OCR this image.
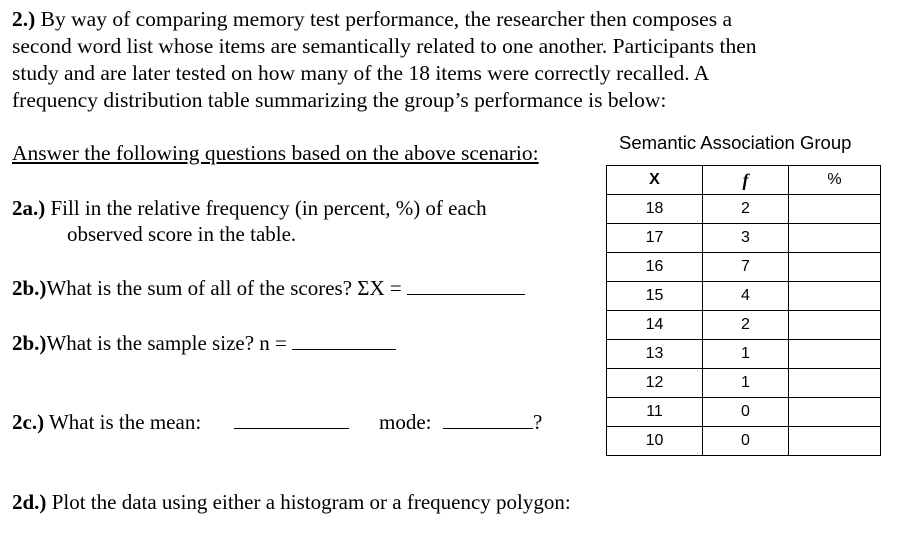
2.) By way of comparing memory test performance, the researcher then composes a
second word list whose items are semantically related to one another. Participants then
study and are later tested on how many of the 18 items were correctly recalled. A
frequency distribution table summarizing the group’s performance is below:
Answer the following questions based on the above scenario:	Semantic Association Group
X	f	%
18	2	
17	3	
16	7	
15	4	
14	2	
13	1	
12	1	
11	0	
10	0	
2a.) Fill in the relative frequency (in percent, %) of each
observed score in the table.
2b.)What is the sum of all of the scores? ΣX =
2b.)What is the sample size? n =
2c.) What is the mean:	mode:	?
2d.) Plot the data using either a histogram or a frequency polygon:
